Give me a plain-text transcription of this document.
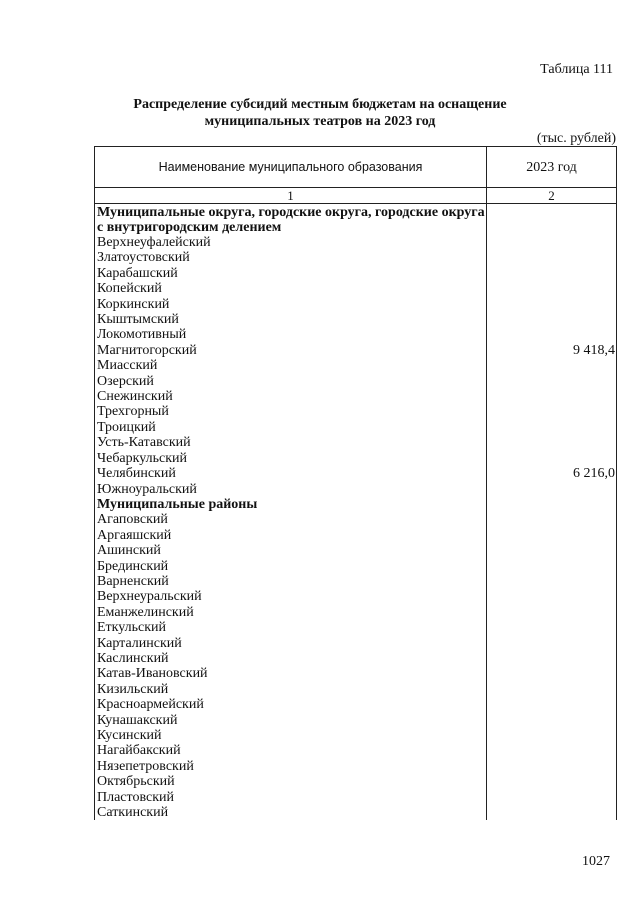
Таблица 111
Распределение субсидий местным бюджетам на оснащение
муниципальных театров на 2023 год
(тыс. рублей)
Наименование муниципального образования	2023 год
1	2
Муниципальные округа, городские округа, городские округа с внутригородским делением	
Верхнеуфалейский	
Златоустовский	
Карабашский	
Копейский	
Коркинский	
Кыштымский	
Локомотивный	
Магнитогорский	9 418,4
Миасский	
Озерский	
Снежинский	
Трехгорный	
Троицкий	
Усть-Катавский	
Чебаркульский	
Челябинский	6 216,0
Южноуральский	
Муниципальные районы	
Агаповский	
Аргаяшский	
Ашинский	
Брединский	
Варненский	
Верхнеуральский	
Еманжелинский	
Еткульский	
Карталинский	
Каслинский	
Катав-Ивановский	
Кизильский	
Красноармейский	
Кунашакский	
Кусинский	
Нагайбакский	
Нязепетровский	
Октябрьский	
Пластовский	
Саткинский	
1027
